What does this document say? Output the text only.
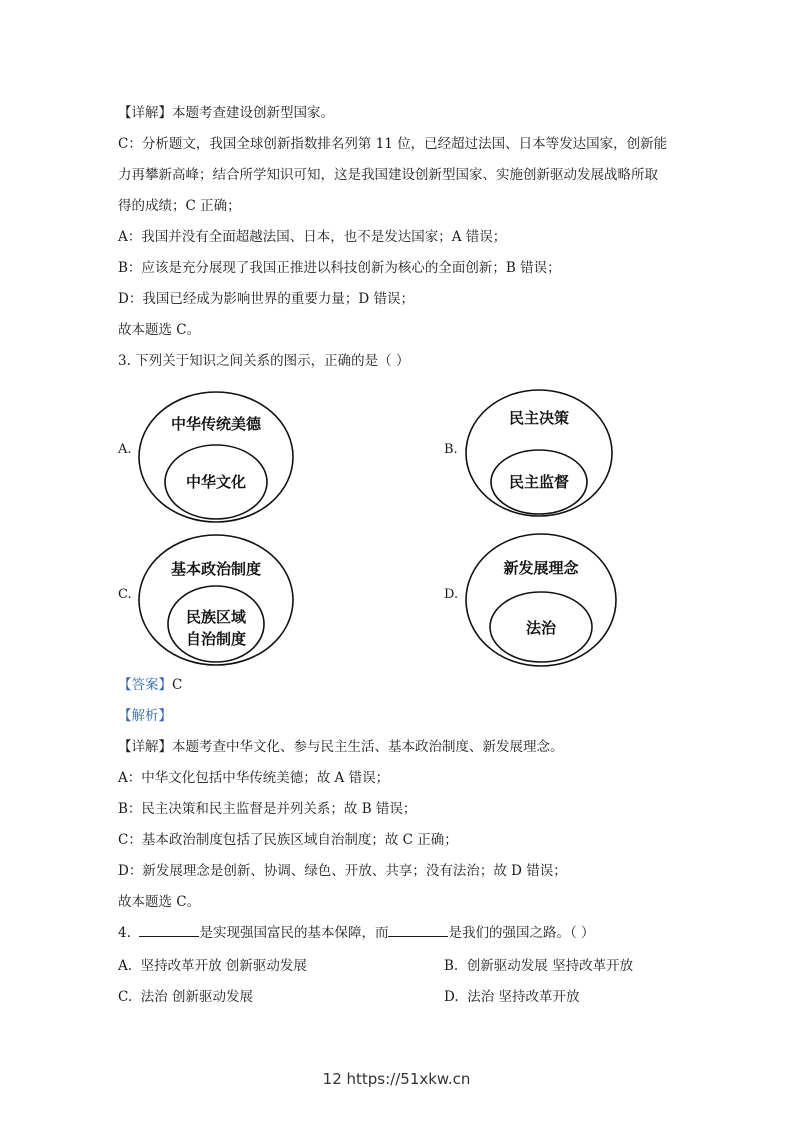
【详解】本题考查建设创新型国家。
C：分析题文，我国全球创新指数排名列第 11 位，已经超过法国、日本等发达国家，创新能
力再攀新高峰；结合所学知识可知，这是我国建设创新型国家、实施创新驱动发展战略所取
得的成绩；C 正确；
A：我国并没有全面超越法国、日本，也不是发达国家；A 错误；
B：应该是充分展现了我国正推进以科技创新为核心的全面创新；B 错误；
D：我国已经成为影响世界的重要力量；D 错误；
故本题选 C。
3. 下列关于知识之间关系的图示，正确的是（ ）
A.
中华传统美德
中华文化
B.
民主决策
民主监督
C.
基本政治制度
民族区域
自治制度
D.
新发展理念
法治
【答案】C
【解析】
【详解】本题考查中华文化、参与民主生活、基本政治制度、新发展理念。
A：中华文化包括中华传统美德；故 A 错误；
B：民主决策和民主监督是并列关系；故 B 错误；
C：基本政治制度包括了民族区域自治制度；故 C 正确；
D：新发展理念是创新、协调、绿色、开放、共享；没有法治；故 D 错误；
故本题选 C。
4.	是实现强国富民的基本保障，而	是我们的强国之路。（ ）
A. 坚持改革开放 创新驱动发展	B. 创新驱动发展 坚持改革开放
C. 法治 创新驱动发展	D. 法治 坚持改革开放
12 https://51xkw.cn
